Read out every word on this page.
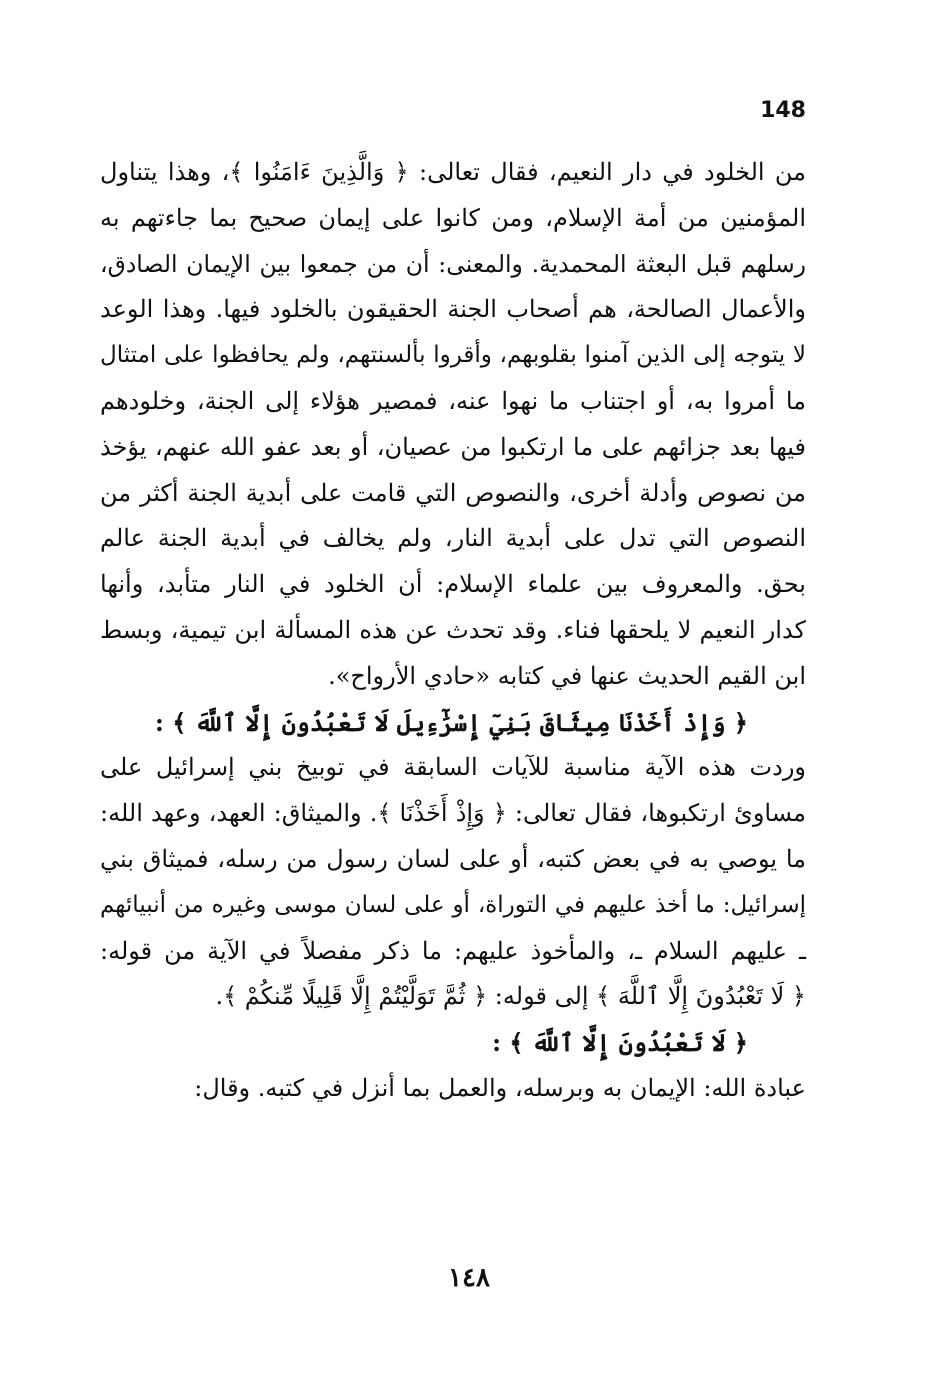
148
من الخلود في دار النعيم، فقال تعالى: ﴿ وَالَّذِينَ ءَامَنُوا ﴾، وهذا يتناول
المؤمنين من أمة الإسلام، ومن كانوا على إيمان صحيح بما جاءتهم به
رسلهم قبل البعثة المحمدية. والمعنى: أن من جمعوا بين الإيمان الصادق،
والأعمال الصالحة، هم أصحاب الجنة الحقيقون بالخلود فيها. وهذا الوعد
لا يتوجه إلى الذين آمنوا بقلوبهم، وأقروا بألسنتهم، ولم يحافظوا على امتثال
ما أمروا به، أو اجتناب ما نهوا عنه، فمصير هؤلاء إلى الجنة، وخلودهم
فيها بعد جزائهم على ما ارتكبوا من عصيان، أو بعد عفو الله عنهم، يؤخذ
من نصوص وأدلة أخرى، والنصوص التي قامت على أبدية الجنة أكثر من
النصوص التي تدل على أبدية النار، ولم يخالف في أبدية الجنة عالم
بحق. والمعروف بين علماء الإسلام: أن الخلود في النار متأبد، وأنها
كدار النعيم لا يلحقها فناء. وقد تحدث عن هذه المسألة ابن تيمية، وبسط
ابن القيم الحديث عنها في كتابه «حادي الأرواح».
﴿ وَإِذْ أَخَذْنَا مِيثَاقَ بَنِيٓ إِسْرَٰٓءِيلَ لَا تَعْبُدُونَ إِلَّا ٱللَّهَ ﴾ :
وردت هذه الآية مناسبة للآيات السابقة في توبيخ بني إسرائيل على
مساوئ ارتكبوها، فقال تعالى: ﴿ وَإِذْ أَخَذْنَا ﴾. والميثاق: العهد، وعهد الله:
ما يوصي به في بعض كتبه، أو على لسان رسول من رسله، فميثاق بني
إسرائيل: ما أخذ عليهم في التوراة، أو على لسان موسى وغيره من أنبيائهم
ـ عليهم السلام ـ، والمأخوذ عليهم: ما ذكر مفصلاً في الآية من قوله:
﴿ لَا تَعْبُدُونَ إِلَّا ٱللَّهَ ﴾ إلى قوله: ﴿ ثُمَّ تَوَلَّيْتُمْ إِلَّا قَلِيلًا مِّنكُمْ ﴾.
﴿ لَا تَعْبُدُونَ إِلَّا ٱللَّهَ ﴾ :
عبادة الله: الإيمان به وبرسله، والعمل بما أنزل في كتبه. وقال:
١٤٨
